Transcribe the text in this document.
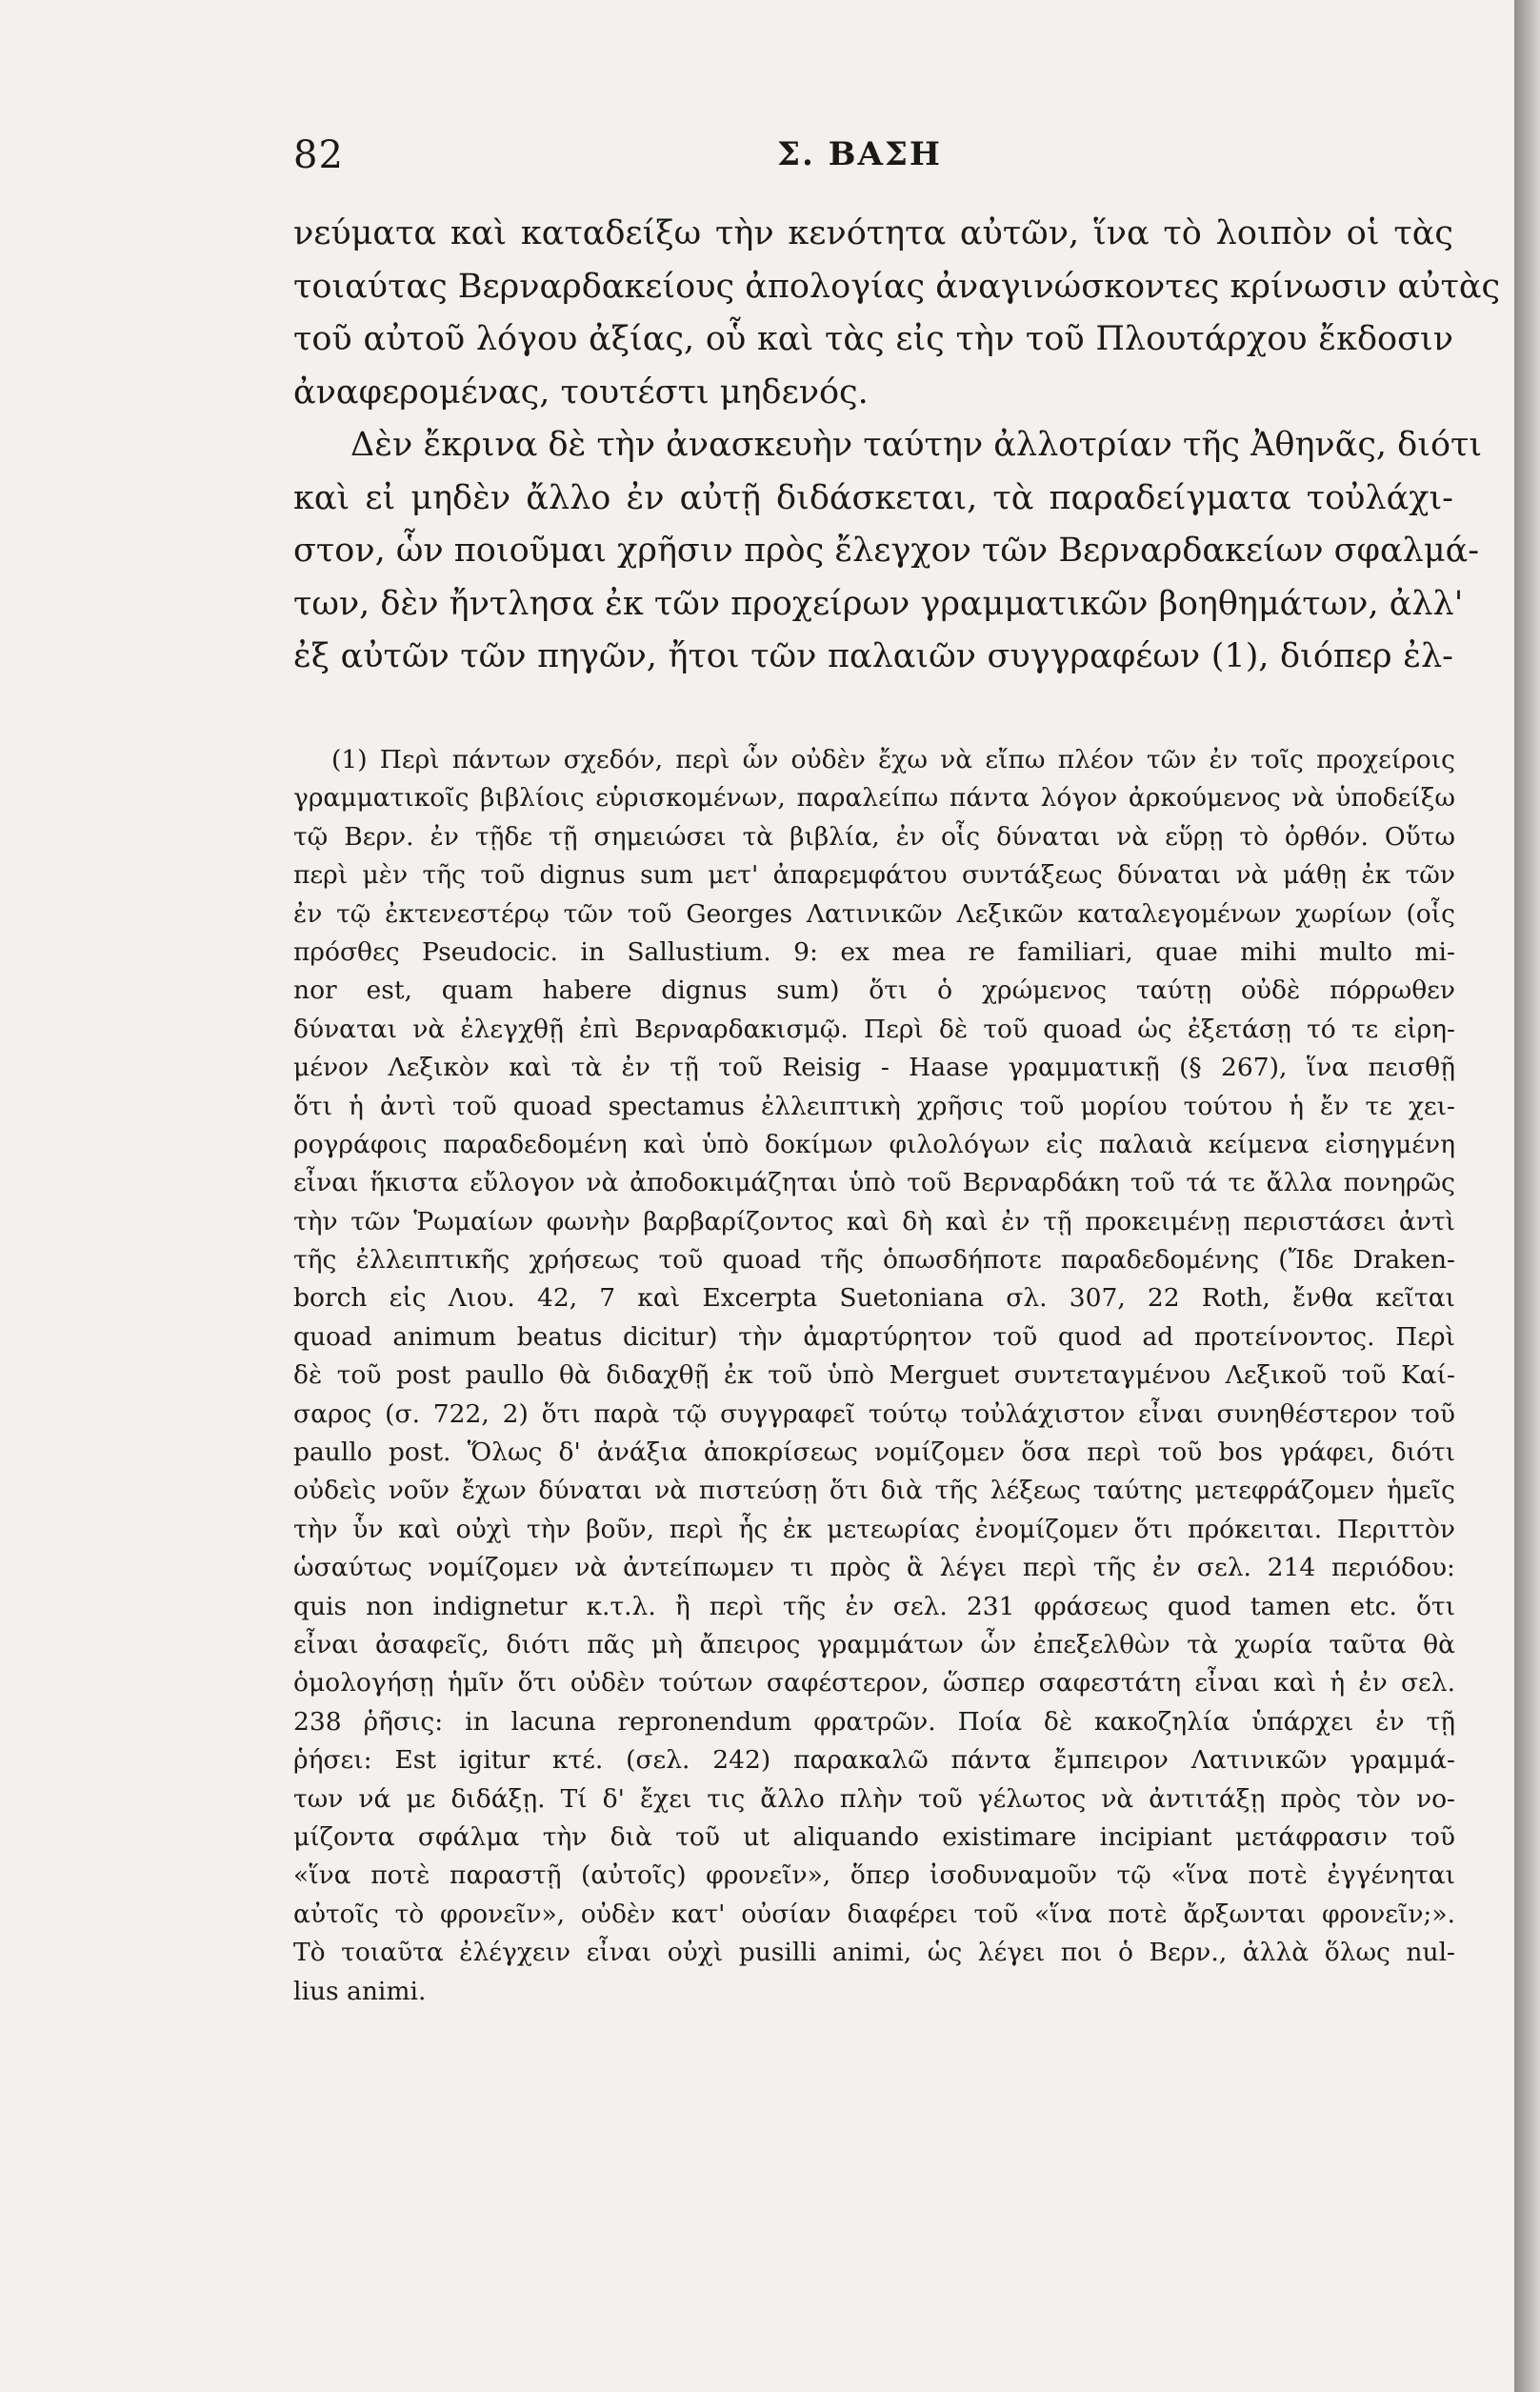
82	Σ. ΒΑΣΗ
νεύματα καὶ καταδείξω τὴν κενότητα αὐτῶν, ἵνα τὸ λοιπὸν οἱ τὰς
τοιαύτας Βερναρδακείους ἀπολογίας ἀναγινώσκοντες κρίνωσιν αὐτὰς
τοῦ αὐτοῦ λόγου ἀξίας, οὗ καὶ τὰς εἰς τὴν τοῦ Πλουτάρχου ἔκδοσιν
ἀναφερομένας, τουτέστι μηδενός.
Δὲν ἔκρινα δὲ τὴν ἀνασκευὴν ταύτην ἀλλοτρίαν τῆς Ἀθηνᾶς, διότι
καὶ εἰ μηδὲν ἄλλο ἐν αὐτῇ διδάσκεται, τὰ παραδείγματα τοὐλάχι-
στον, ὧν ποιοῦμαι χρῆσιν πρὸς ἔλεγχον τῶν Βερναρδακείων σφαλμά-
των, δὲν ἤντλησα ἐκ τῶν προχείρων γραμματικῶν βοηθημάτων, ἀλλ'
ἐξ αὐτῶν τῶν πηγῶν, ἤτοι τῶν παλαιῶν συγγραφέων (1), διόπερ ἐλ-
(1) Περὶ πάντων σχεδόν, περὶ ὧν οὐδὲν ἔχω νὰ εἴπω πλέον τῶν ἐν τοῖς προχείροις
γραμματικοῖς βιβλίοις εὑρισκομένων, παραλείπω πάντα λόγον ἀρκούμενος νὰ ὑποδείξω
τῷ Βερν. ἐν τῇδε τῇ σημειώσει τὰ βιβλία, ἐν οἷς δύναται νὰ εὕρῃ τὸ ὀρθόν. Οὕτω
περὶ μὲν τῆς τοῦ dignus sum μετ' ἀπαρεμφάτου συντάξεως δύναται νὰ μάθῃ ἐκ τῶν
ἐν τῷ ἐκτενεστέρῳ τῶν τοῦ Georges Λατινικῶν Λεξικῶν καταλεγομένων χωρίων (οἷς
πρόσθες Pseudocic. in Sallustium. 9: ex mea re familiari, quae mihi multo mi-
nor est, quam habere dignus sum) ὅτι ὁ χρώμενος ταύτῃ οὐδὲ πόρρωθεν
δύναται νὰ ἐλεγχθῇ ἐπὶ Βερναρδακισμῷ. Περὶ δὲ τοῦ quoad ὡς ἐξετάσῃ τό τε εἰρη-
μένον Λεξικὸν καὶ τὰ ἐν τῇ τοῦ Reisig - Haase γραμματικῇ (§ 267), ἵνα πεισθῇ
ὅτι ἡ ἀντὶ τοῦ quoad spectamus ἐλλειπτικὴ χρῆσις τοῦ μορίου τούτου ἡ ἔν τε χει-
ρογράφοις παραδεδομένη καὶ ὑπὸ δοκίμων φιλολόγων εἰς παλαιὰ κείμενα εἰσηγμένη
εἶναι ἥκιστα εὔλογον νὰ ἀποδοκιμάζηται ὑπὸ τοῦ Βερναρδάκη τοῦ τά τε ἄλλα πονηρῶς
τὴν τῶν Ῥωμαίων φωνὴν βαρβαρίζοντος καὶ δὴ καὶ ἐν τῇ προκειμένῃ περιστάσει ἀντὶ
τῆς ἐλλειπτικῆς χρήσεως τοῦ quoad τῆς ὁπωσδήποτε παραδεδομένης (Ἴδε Draken-
borch εἰς Λιου. 42, 7 καὶ Excerpta Suetoniana σλ. 307, 22 Roth, ἔνθα κεῖται
quoad animum beatus dicitur) τὴν ἀμαρτύρητον τοῦ quod ad προτείνοντος. Περὶ
δὲ τοῦ post paullo θὰ διδαχθῇ ἐκ τοῦ ὑπὸ Merguet συντεταγμένου Λεξικοῦ τοῦ Καί-
σαρος (σ. 722, 2) ὅτι παρὰ τῷ συγγραφεῖ τούτῳ τοὐλάχιστον εἶναι συνηθέστερον τοῦ
paullo post. Ὅλως δ' ἀνάξια ἀποκρίσεως νομίζομεν ὅσα περὶ τοῦ bos γράφει, διότι
οὐδεὶς νοῦν ἔχων δύναται νὰ πιστεύσῃ ὅτι διὰ τῆς λέξεως ταύτης μετεφράζομεν ἡμεῖς
τὴν ὗν καὶ οὐχὶ τὴν βοῦν, περὶ ἧς ἐκ μετεωρίας ἐνομίζομεν ὅτι πρόκειται. Περιττὸν
ὡσαύτως νομίζομεν νὰ ἀντείπωμεν τι πρὸς ἃ λέγει περὶ τῆς ἐν σελ. 214 περιόδου:
quis non indignetur κ.τ.λ. ἢ περὶ τῆς ἐν σελ. 231 φράσεως quod tamen etc. ὅτι
εἶναι ἀσαφεῖς, διότι πᾶς μὴ ἄπειρος γραμμάτων ὧν ἐπεξελθὼν τὰ χωρία ταῦτα θὰ
ὁμολογήσῃ ἡμῖν ὅτι οὐδὲν τούτων σαφέστερον, ὥσπερ σαφεστάτη εἶναι καὶ ἡ ἐν σελ.
238 ῥῆσις: in lacuna repronendum φρατρῶν. Ποία δὲ κακοζηλία ὑπάρχει ἐν τῇ
ῥήσει: Est igitur κτέ. (σελ. 242) παρακαλῶ πάντα ἔμπειρον Λατινικῶν γραμμά-
των νά με διδάξῃ. Τί δ' ἔχει τις ἄλλο πλὴν τοῦ γέλωτος νὰ ἀντιτάξῃ πρὸς τὸν νο-
μίζοντα σφάλμα τὴν διὰ τοῦ ut aliquando existimare incipiant μετάφρασιν τοῦ
«ἵνα ποτὲ παραστῇ (αὐτοῖς) φρονεῖν», ὅπερ ἰσοδυναμοῦν τῷ «ἵνα ποτὲ ἐγγένηται
αὐτοῖς τὸ φρονεῖν», οὐδὲν κατ' οὐσίαν διαφέρει τοῦ «ἵνα ποτὲ ἄρξωνται φρονεῖν;».
Τὸ τοιαῦτα ἐλέγχειν εἶναι οὐχὶ pusilli animi, ὡς λέγει ποι ὁ Βερν., ἀλλὰ ὅλως nul-
lius animi.
